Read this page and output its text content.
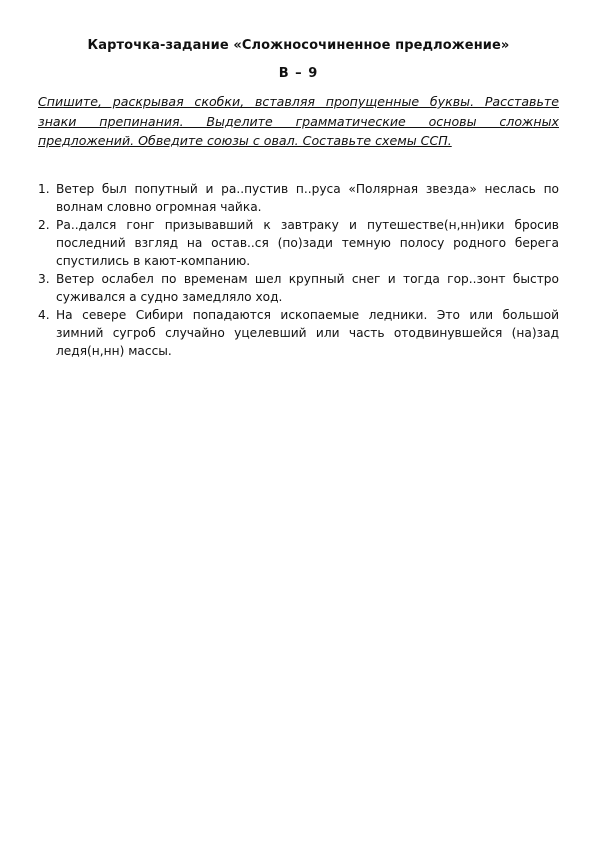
Карточка-задание «Сложносочиненное предложение»
В – 9
Спишите, раскрывая скобки, вставляя пропущенные буквы. Расставьте знаки препинания. Выделите грамматические основы сложных предложений. Обведите союзы с овал. Составьте схемы ССП.
1. Ветер был попутный и ра..пустив п..руса «Полярная звезда» неслась по волнам словно огромная чайка.
2. Ра..дался гонг призывавший к завтраку и путешестве(н,нн)ики бросив последний взгляд на остав..ся (по)зади темную полосу родного берега спустились в кают-компанию.
3. Ветер ослабел по временам шел крупный снег и тогда гор..зонт быстро суживался а судно замедляло ход.
4. На севере Сибири попадаются ископаемые ледники. Это или большой зимний сугроб случайно уцелевший или часть отодвинувшейся (на)зад ледя(н,нн) массы.
